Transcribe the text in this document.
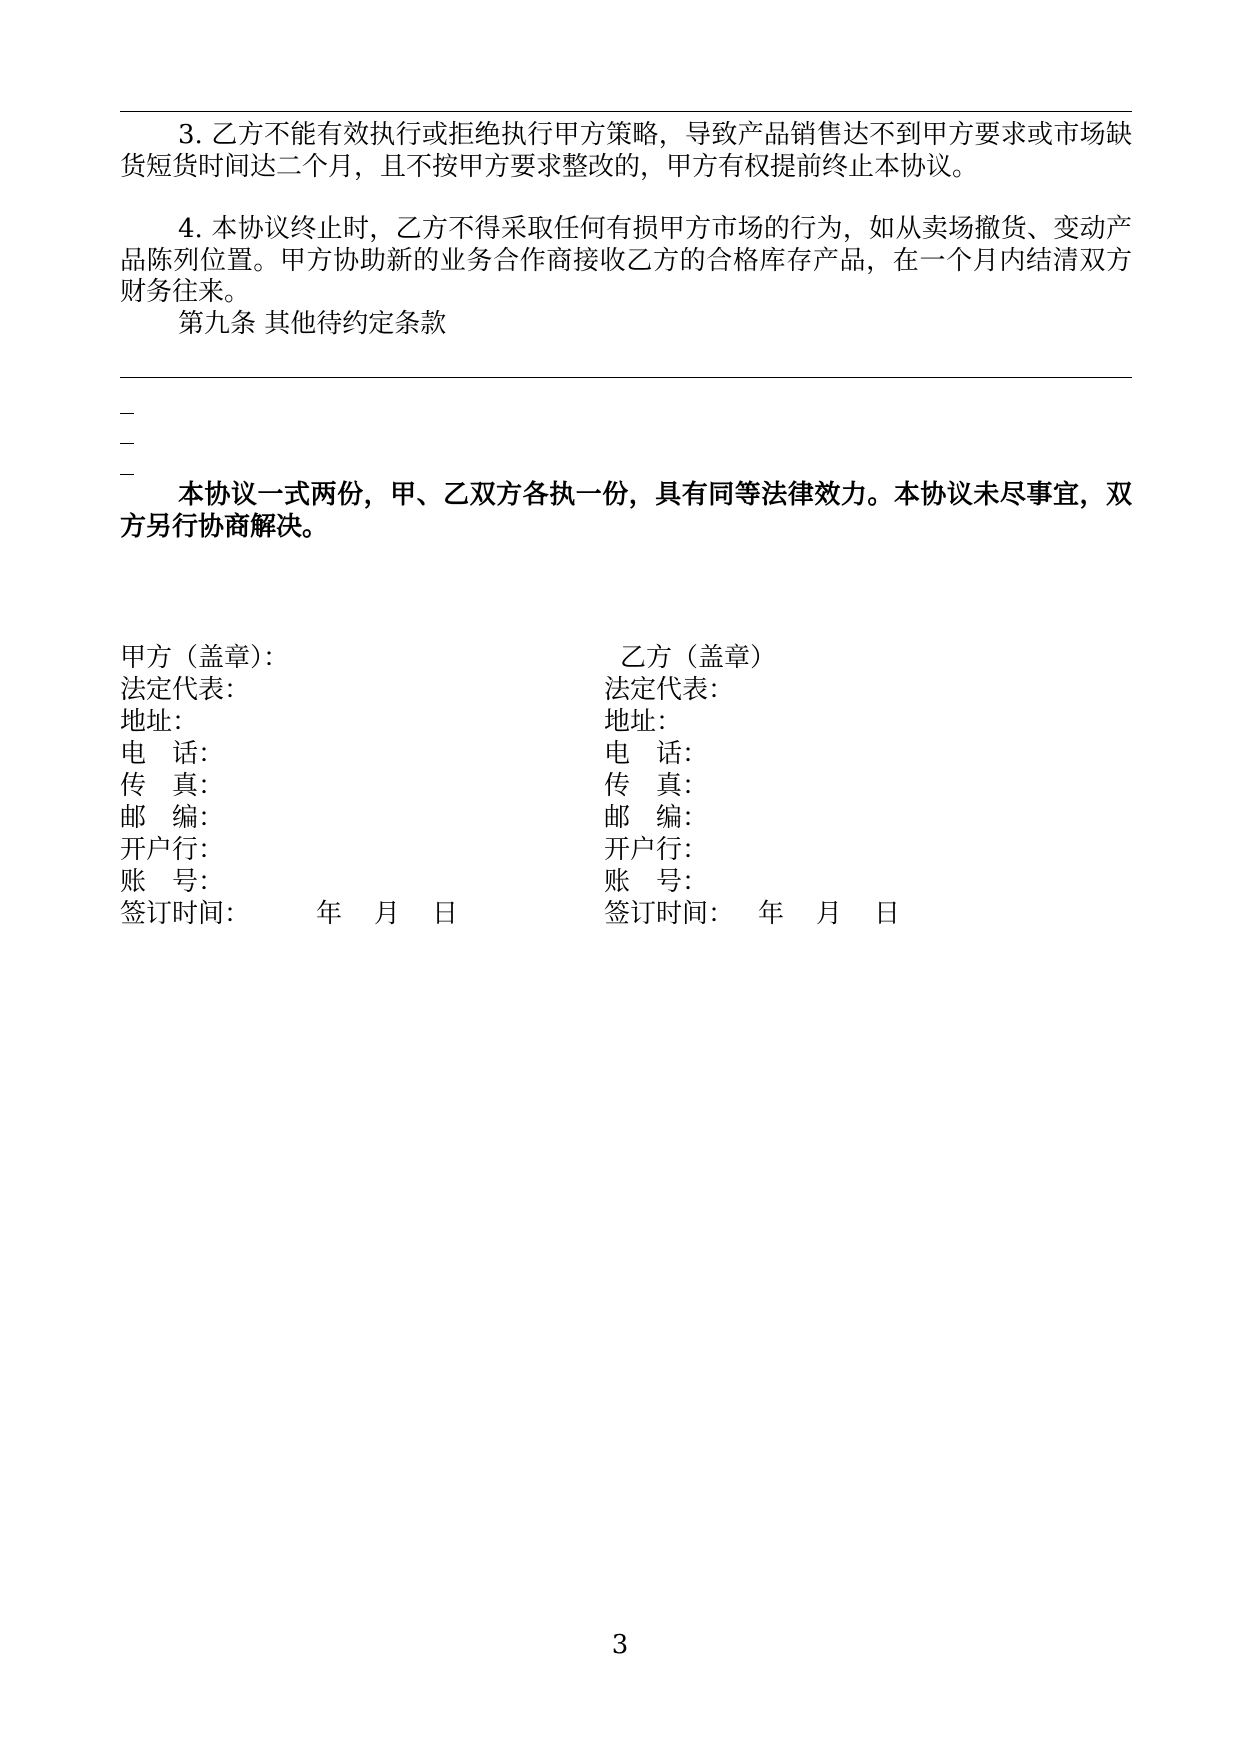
3. 乙方不能有效执行或拒绝执行甲方策略，导致产品销售达不到甲方要求或市场缺货短货时间达二个月，且不按甲方要求整改的，甲方有权提前终止本协议。
4. 本协议终止时，乙方不得采取任何有损甲方市场的行为，如从卖场撤货、变动产品陈列位置。甲方协助新的业务合作商接收乙方的合格库存产品，在一个月内结清双方财务往来。
第九条 其他待约定条款
本协议一式两份，甲、乙双方各执一份，具有同等法律效力。本协议未尽事宜，双方另行协商解决。
甲方（盖章）：
法定代表：
地址：
电　话：
传　真：
邮　编：
开户行：
账　号：
签订时间：	年 月 日
乙方（盖章）
法定代表：
地址：
电　话：
传　真：
邮　编：
开户行：
账　号：
签订时间： 年 月 日
3
